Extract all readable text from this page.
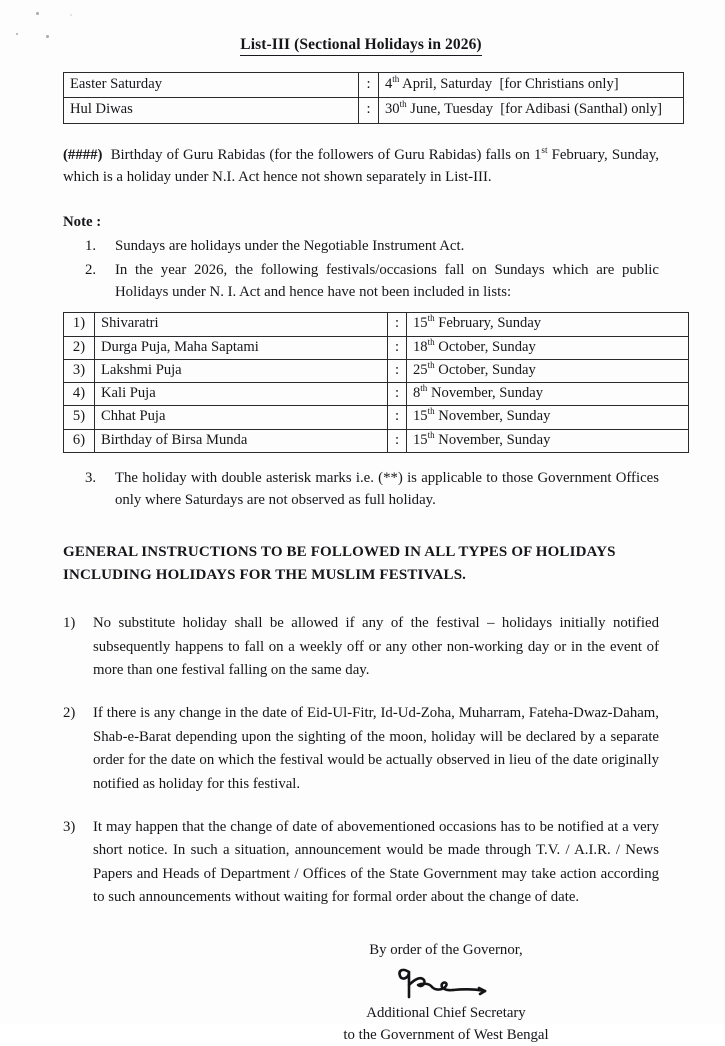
List-III (Sectional Holidays in 2026)
Easter Saturday	:	4th April, Saturday [for Christians only]
Hul Diwas	:	30th June, Tuesday [for Adibasi (Santhal) only]

(####) Birthday of Guru Rabidas (for the followers of Guru Rabidas) falls on 1st February, Sunday, which is a holiday under N.I. Act hence not shown separately in List-III.

Note :

1.	Sundays are holidays under the Negotiable Instrument Act.
2.	In the year 2026, the following festivals/occasions fall on Sundays which are public Holidays under N. I. Act and hence have not been included in lists:
1)	Shivaratri	:	15th February, Sunday
2)	Durga Puja, Maha Saptami	:	18th October, Sunday
3)	Lakshmi Puja	:	25th October, Sunday
4)	Kali Puja	:	8th November, Sunday
5)	Chhat Puja	:	15th November, Sunday
6)	Birthday of Birsa Munda	:	15th November, Sunday
3.	The holiday with double asterisk marks i.e. (**) is applicable to those Government Offices only where Saturdays are not observed as full holiday.

GENERAL INSTRUCTIONS TO BE FOLLOWED IN ALL TYPES OF HOLIDAYS
INCLUDING HOLIDAYS FOR THE MUSLIM FESTIVALS.

1)	No substitute holiday shall be allowed if any of the festival – holidays initially notified subsequently happens to fall on a weekly off or any other non-working day or in the event of more than one festival falling on the same day.
2)	If there is any change in the date of Eid-Ul-Fitr, Id-Ud-Zoha, Muharram, Fateha-Dwaz-Daham, Shab-e-Barat depending upon the sighting of the moon, holiday will be declared by a separate order for the date on which the festival would be actually observed in lieu of the date originally notified as holiday for this festival.
3)	It may happen that the change of date of abovementioned occasions has to be notified at a very short notice. In such a situation, announcement would be made through T.V. / A.I.R. / News Papers and Heads of Department / Offices of the State Government may take action according to such announcements without waiting for formal order about the change of date.
By order of the Governor,
Additional Chief Secretary
to the Government of West Bengal
